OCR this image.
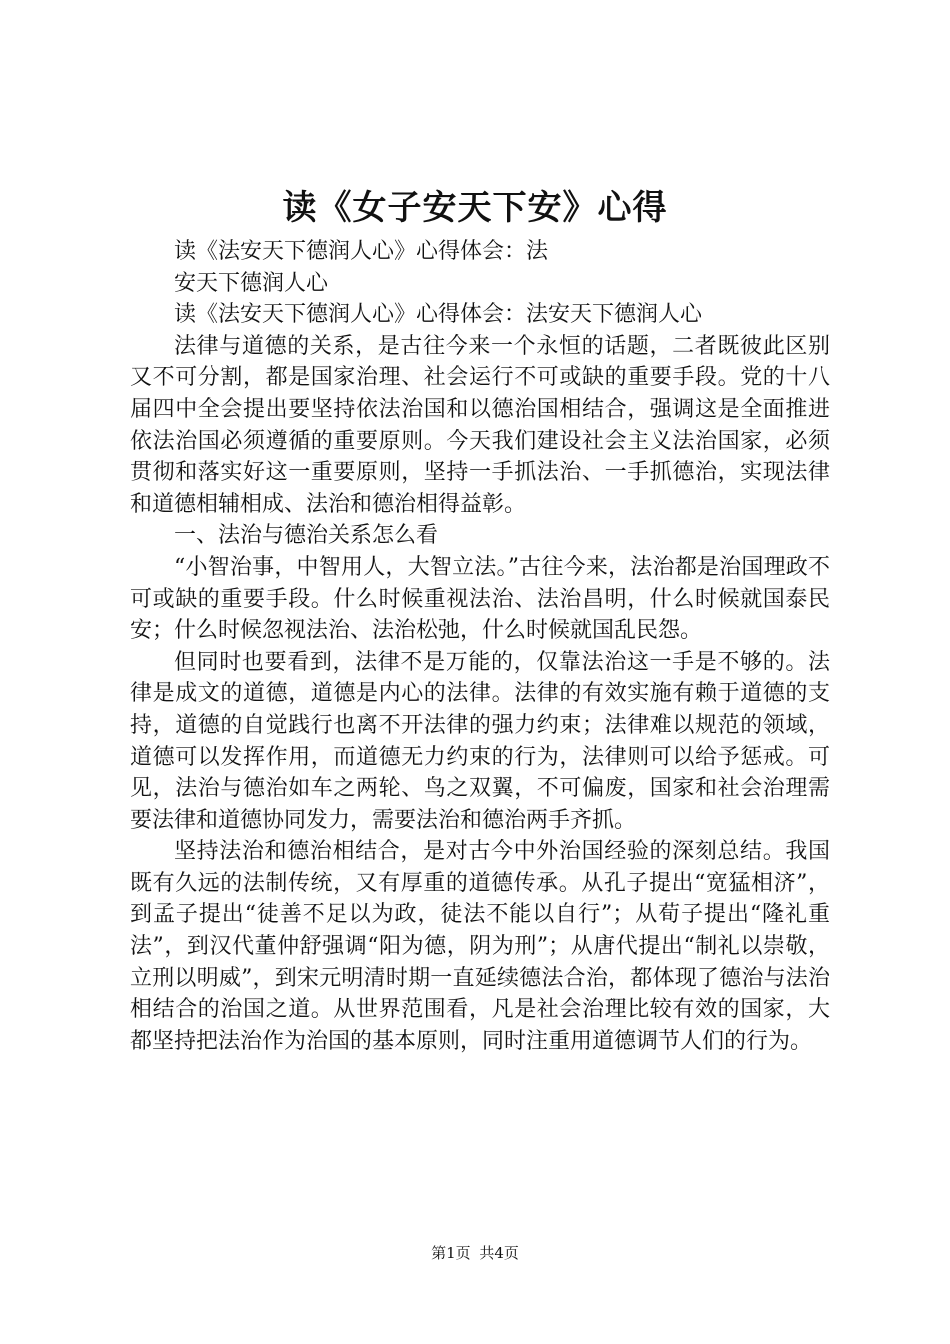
读《女子安天下安》心得

读《法安天下德润人心》心得体会：法

安天下德润人心

读《法安天下德润人心》心得体会：法安天下德润人心

法律与道德的关系，是古往今来一个永恒的话题，二者既彼此区别又不可分割，都是国家治理、社会运行不可或缺的重要手段。党的十八届四中全会提出要坚持依法治国和以德治国相结合，强调这是全面推进依法治国必须遵循的重要原则。今天我们建设社会主义法治国家，必须贯彻和落实好这一重要原则，坚持一手抓法治、一手抓德治，实现法律和道德相辅相成、法治和德治相得益彰。

一、法治与德治关系怎么看

“小智治事，中智用人，大智立法。”古往今来，法治都是治国理政不可或缺的重要手段。什么时候重视法治、法治昌明，什么时候就国泰民安；什么时候忽视法治、法治松弛，什么时候就国乱民怨。

但同时也要看到，法律不是万能的，仅靠法治这一手是不够的。法律是成文的道德，道德是内心的法律。法律的有效实施有赖于道德的支持，道德的自觉践行也离不开法律的强力约束；法律难以规范的领域，道德可以发挥作用，而道德无力约束的行为，法律则可以给予惩戒。可见，法治与德治如车之两轮、鸟之双翼，不可偏废，国家和社会治理需要法律和道德协同发力，需要法治和德治两手齐抓。

坚持法治和德治相结合，是对古今中外治国经验的深刻总结。我国既有久远的法制传统，又有厚重的道德传承。从孔子提出“宽猛相济”，到孟子提出“徒善不足以为政，徒法不能以自行”；从荀子提出“隆礼重法”，到汉代董仲舒强调“阳为德，阴为刑”；从唐代提出“制礼以崇敬，立刑以明威”，到宋元明清时期一直延续德法合治，都体现了德治与法治相结合的治国之道。从世界范围看，凡是社会治理比较有效的国家，大都坚持把法治作为治国的基本原则，同时注重用道德调节人们的行为。

第1页 共4页
